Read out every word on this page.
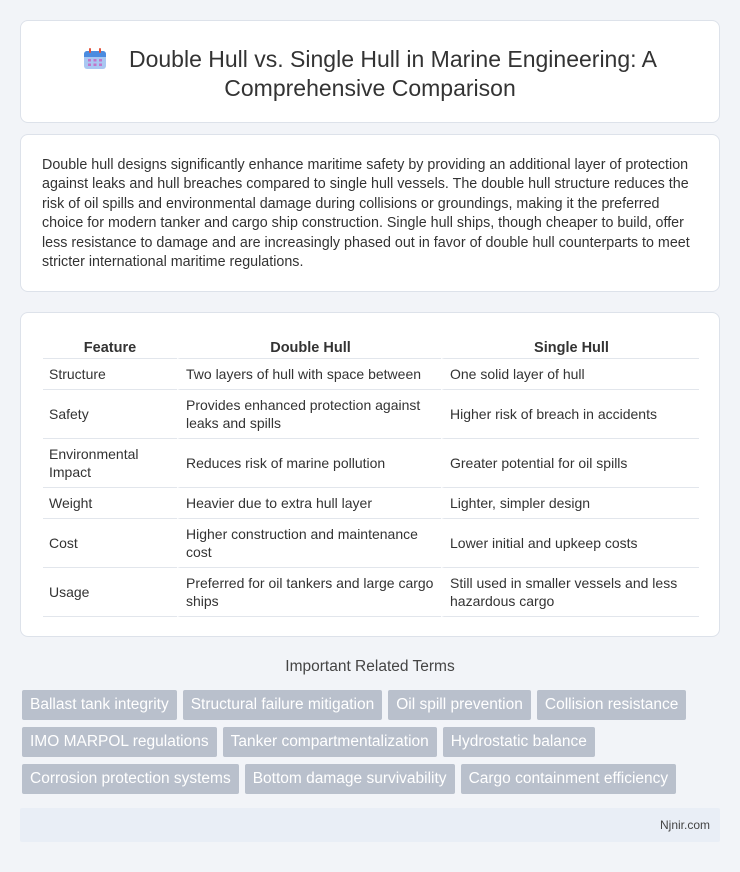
Double Hull vs. Single Hull in Marine Engineering: A Comprehensive Comparison

Double hull designs significantly enhance maritime safety by providing an additional layer of protection against leaks and hull breaches compared to single hull vessels. The double hull structure reduces the risk of oil spills and environmental damage during collisions or groundings, making it the preferred choice for modern tanker and cargo ship construction. Single hull ships, though cheaper to build, offer less resistance to damage and are increasingly phased out in favor of double hull counterparts to meet stricter international maritime regulations.

Feature	Double Hull	Single Hull
Structure	Two layers of hull with space between	One solid layer of hull
Safety	Provides enhanced protection against leaks and spills	Higher risk of breach in accidents
Environmental Impact	Reduces risk of marine pollution	Greater potential for oil spills
Weight	Heavier due to extra hull layer	Lighter, simpler design
Cost	Higher construction and maintenance cost	Lower initial and upkeep costs
Usage	Preferred for oil tankers and large cargo ships	Still used in smaller vessels and less hazardous cargo
Important Related Terms
Ballast tank integrity	Structural failure mitigation	Oil spill prevention	Collision resistance
IMO MARPOL regulations	Tanker compartmentalization	Hydrostatic balance
Corrosion protection systems	Bottom damage survivability	Cargo containment efficiency
Njnir.com
